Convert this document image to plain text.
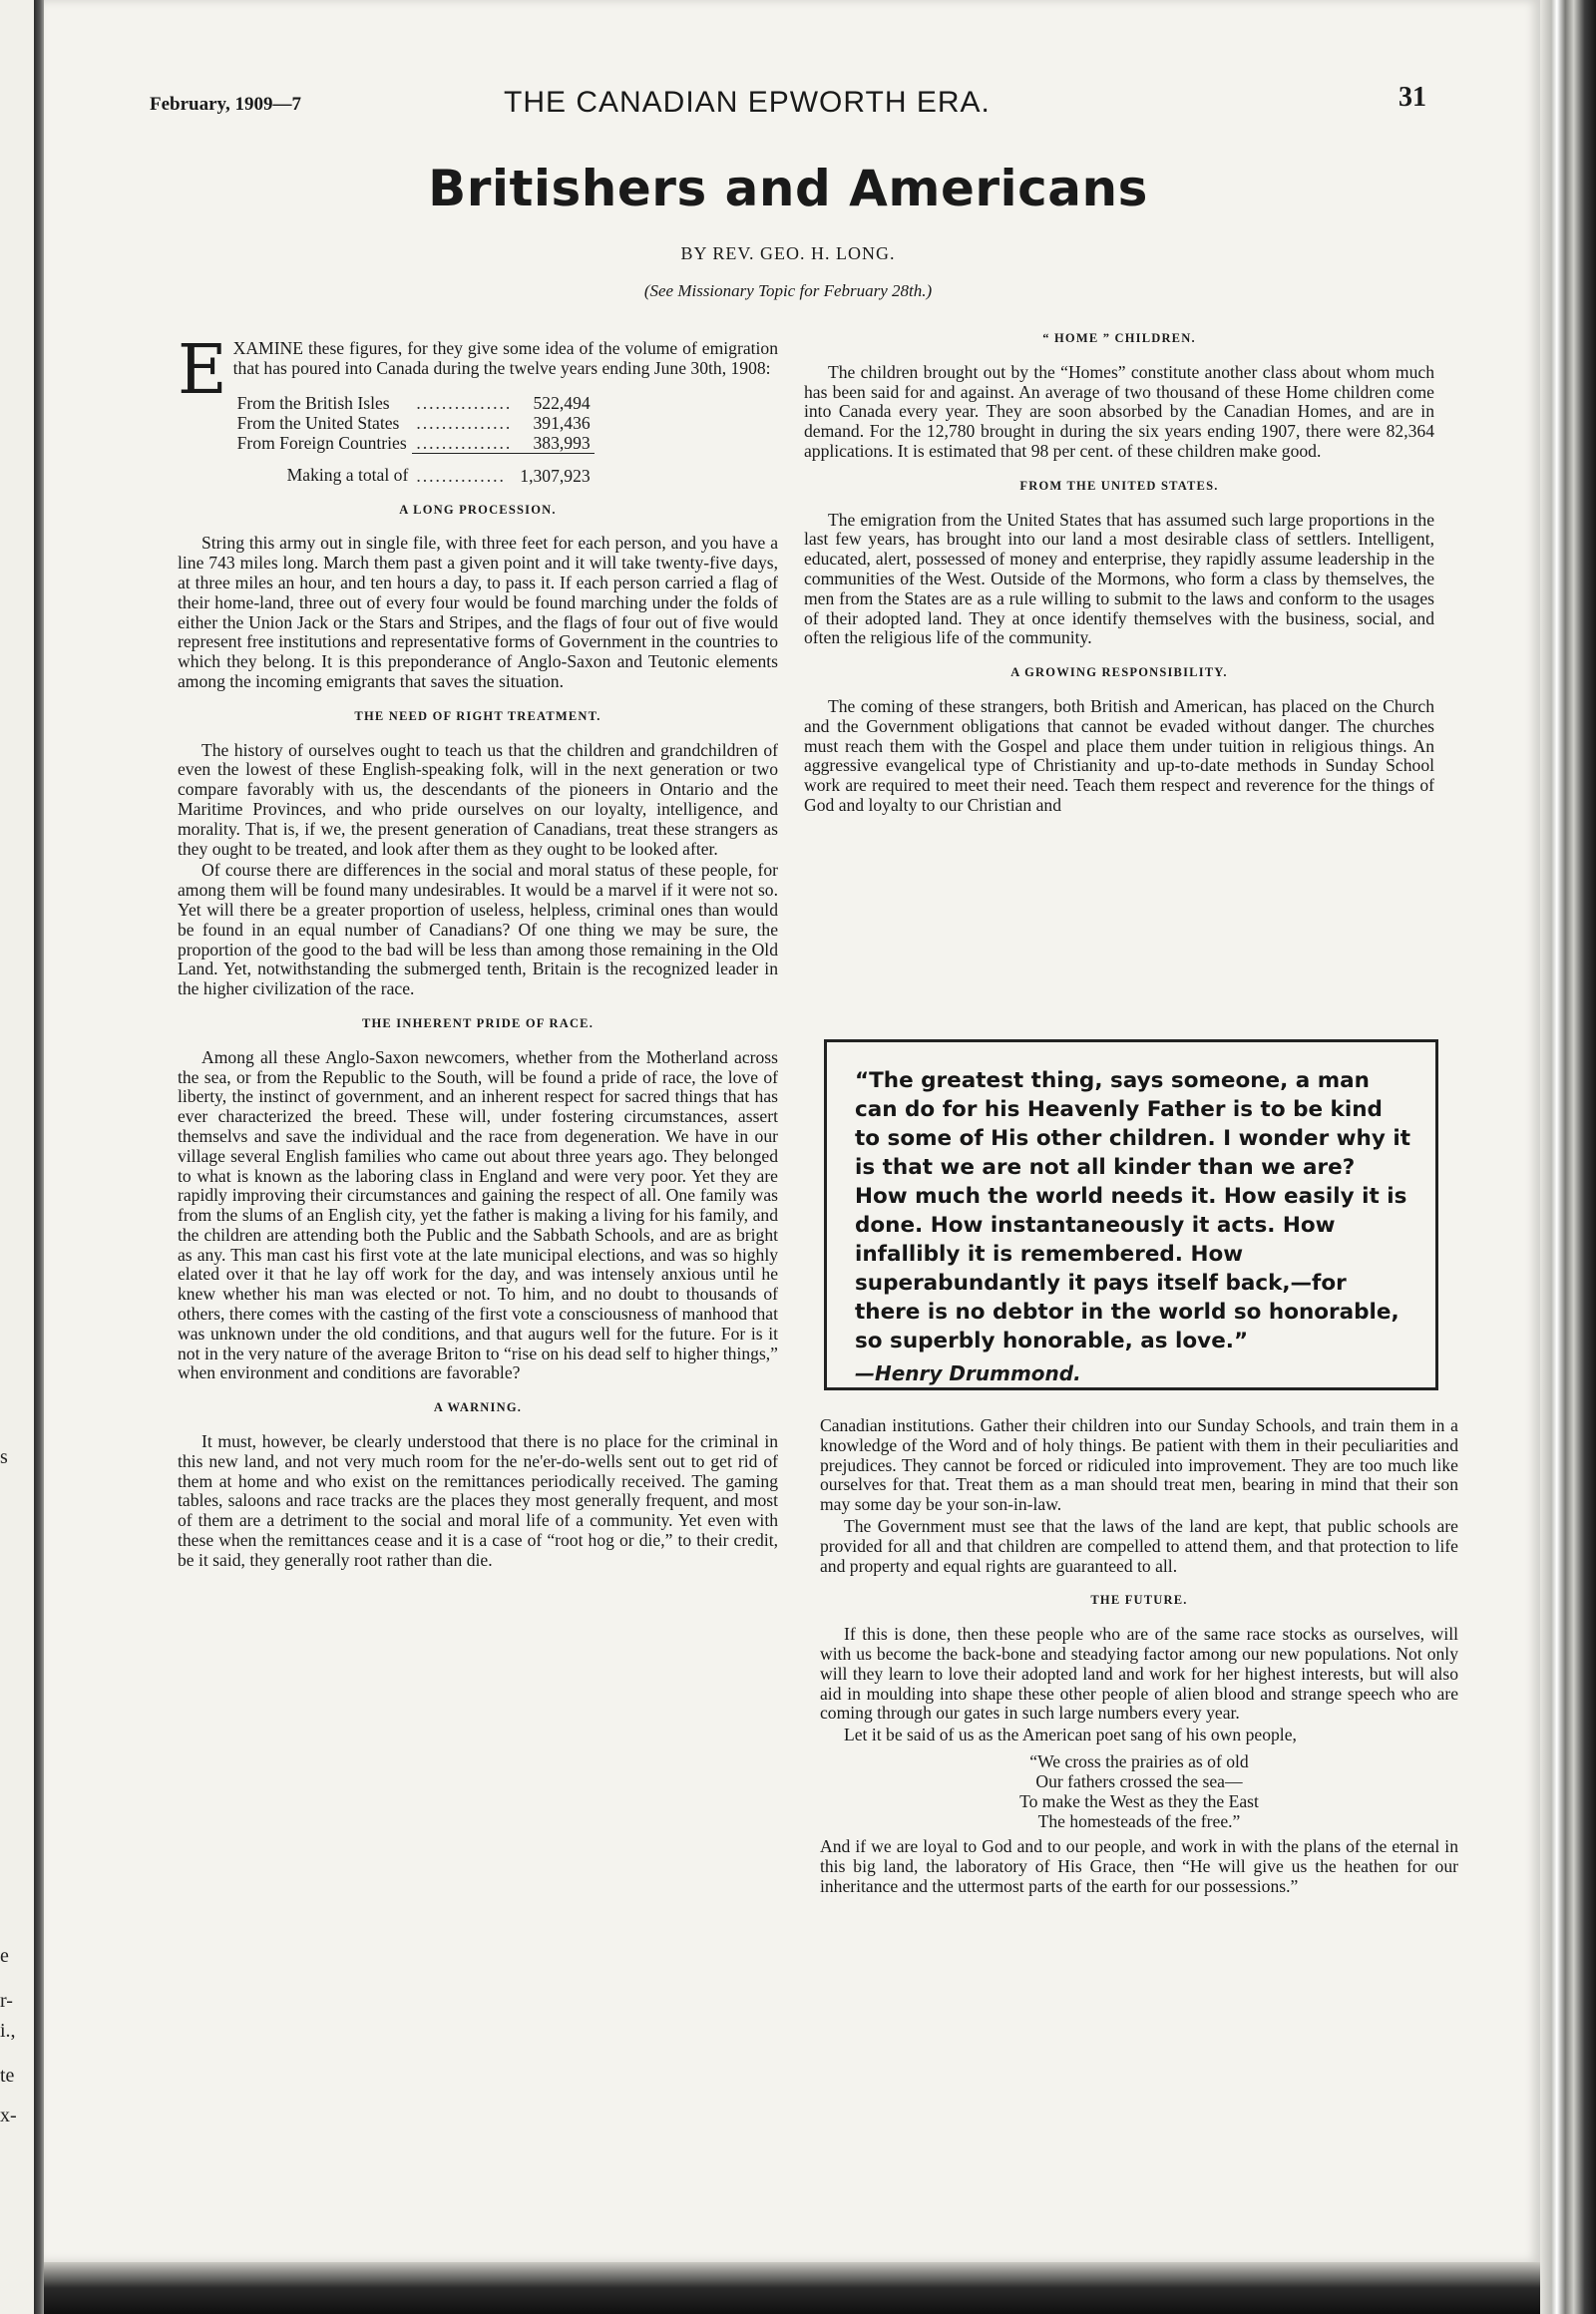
s
e
r-
i.,
te
x-
February, 1909—7	THE CANADIAN EPWORTH ERA.	31
Britishers and Americans
BY REV. GEO. H. LONG.
(See Missionary Topic for February 28th.)

EXAMINE these figures, for they give some idea of the volume of emigration that has poured into Canada during the twelve years ending June 30th, 1908:

From the British Isles	...............	522,494
From the United States	...............	391,436
From Foreign Countries	...............	383,993
Making a total of	..............	1,307,923
A LONG PROCESSION.

String this army out in single file, with three feet for each person, and you have a line 743 miles long. March them past a given point and it will take twenty-five days, at three miles an hour, and ten hours a day, to pass it. If each person carried a flag of their home-land, three out of every four would be found marching under the folds of either the Union Jack or the Stars and Stripes, and the flags of four out of five would represent free institutions and representative forms of Government in the countries to which they belong. It is this preponderance of Anglo-Saxon and Teutonic elements among the incoming emigrants that saves the situation.

THE NEED OF RIGHT TREATMENT.

The history of ourselves ought to teach us that the children and grandchildren of even the lowest of these English-speaking folk, will in the next generation or two compare favorably with us, the descendants of the pioneers in Ontario and the Maritime Provinces, and who pride ourselves on our loyalty, intelligence, and morality. That is, if we, the present generation of Canadians, treat these strangers as they ought to be treated, and look after them as they ought to be looked after.

Of course there are differences in the social and moral status of these people, for among them will be found many undesirables. It would be a marvel if it were not so. Yet will there be a greater proportion of useless, helpless, criminal ones than would be found in an equal number of Canadians? Of one thing we may be sure, the proportion of the good to the bad will be less than among those remaining in the Old Land. Yet, notwithstanding the submerged tenth, Britain is the recognized leader in the higher civilization of the race.

THE INHERENT PRIDE OF RACE.

Among all these Anglo-Saxon newcomers, whether from the Motherland across the sea, or from the Republic to the South, will be found a pride of race, the love of liberty, the instinct of government, and an inherent respect for sacred things that has ever characterized the breed. These will, under fostering circumstances, assert themselvs and save the individual and the race from degeneration. We have in our village several English families who came out about three years ago. They belonged to what is known as the laboring class in England and were very poor. Yet they are rapidly improving their circumstances and gaining the respect of all. One family was from the slums of an English city, yet the father is making a living for his family, and the children are attending both the Public and the Sabbath Schools, and are as bright as any. This man cast his first vote at the late municipal elections, and was so highly elated over it that he lay off work for the day, and was intensely anxious until he knew whether his man was elected or not. To him, and no doubt to thousands of others, there comes with the casting of the first vote a consciousness of manhood that was unknown under the old conditions, and that augurs well for the future. For is it not in the very nature of the average Briton to “rise on his dead self to higher things,” when environment and conditions are favorable?

A WARNING.

It must, however, be clearly understood that there is no place for the criminal in this new land, and not very much room for the ne'er-do-wells sent out to get rid of them at home and who exist on the remittances periodically received. The gaming tables, saloons and race tracks are the places they most generally frequent, and most of them are a detriment to the social and moral life of a community. Yet even with these when the remittances cease and it is a case of “root hog or die,” to their credit, be it said, they generally root rather than die.

“ HOME ” CHILDREN.

The children brought out by the “Homes” constitute another class about whom much has been said for and against. An average of two thousand of these Home children come into Canada every year. They are soon absorbed by the Canadian Homes, and are in demand. For the 12,780 brought in during the six years ending 1907, there were 82,364 applications. It is estimated that 98 per cent. of these children make good.

FROM THE UNITED STATES.

The emigration from the United States that has assumed such large proportions in the last few years, has brought into our land a most desirable class of settlers. Intelligent, educated, alert, possessed of money and enterprise, they rapidly assume leadership in the communities of the West. Outside of the Mormons, who form a class by themselves, the men from the States are as a rule willing to submit to the laws and conform to the usages of their adopted land. They at once identify themselves with the business, social, and often the religious life of the community.

A GROWING RESPONSIBILITY.

The coming of these strangers, both British and American, has placed on the Church and the Government obligations that cannot be evaded without danger. The churches must reach them with the Gospel and place them under tuition in religious things. An aggressive evangelical type of Christianity and up-to-date methods in Sunday School work are required to meet their need. Teach them respect and reverence for the things of God and loyalty to our Christian and

“The greatest thing, says someone, a man can do for his Heavenly Father is to be kind to some of His other children. I wonder why it is that we are not all kinder than we are? How much the world needs it. How easily it is done. How instantaneously it acts. How infallibly it is remembered. How superabundantly it pays itself back,—for there is no debtor in the world so honorable, so superbly honorable, as love.”
—Henry Drummond.

Canadian institutions. Gather their children into our Sunday Schools, and train them in a knowledge of the Word and of holy things. Be patient with them in their peculiarities and prejudices. They cannot be forced or ridiculed into improvement. They are too much like ourselves for that. Treat them as a man should treat men, bearing in mind that their son may some day be your son-in-law.

The Government must see that the laws of the land are kept, that public schools are provided for all and that children are compelled to attend them, and that protection to life and property and equal rights are guaranteed to all.

THE FUTURE.

If this is done, then these people who are of the same race stocks as ourselves, will with us become the back-bone and steadying factor among our new populations. Not only will they learn to love their adopted land and work for her highest interests, but will also aid in moulding into shape these other people of alien blood and strange speech who are coming through our gates in such large numbers every year.

Let it be said of us as the American poet sang of his own people,

“We cross the prairies as of old
Our fathers crossed the sea—
To make the West as they the East
The homesteads of the free.”

And if we are loyal to God and to our people, and work in with the plans of the eternal in this big land, the laboratory of His Grace, then “He will give us the heathen for our inheritance and the uttermost parts of the earth for our possessions.”
